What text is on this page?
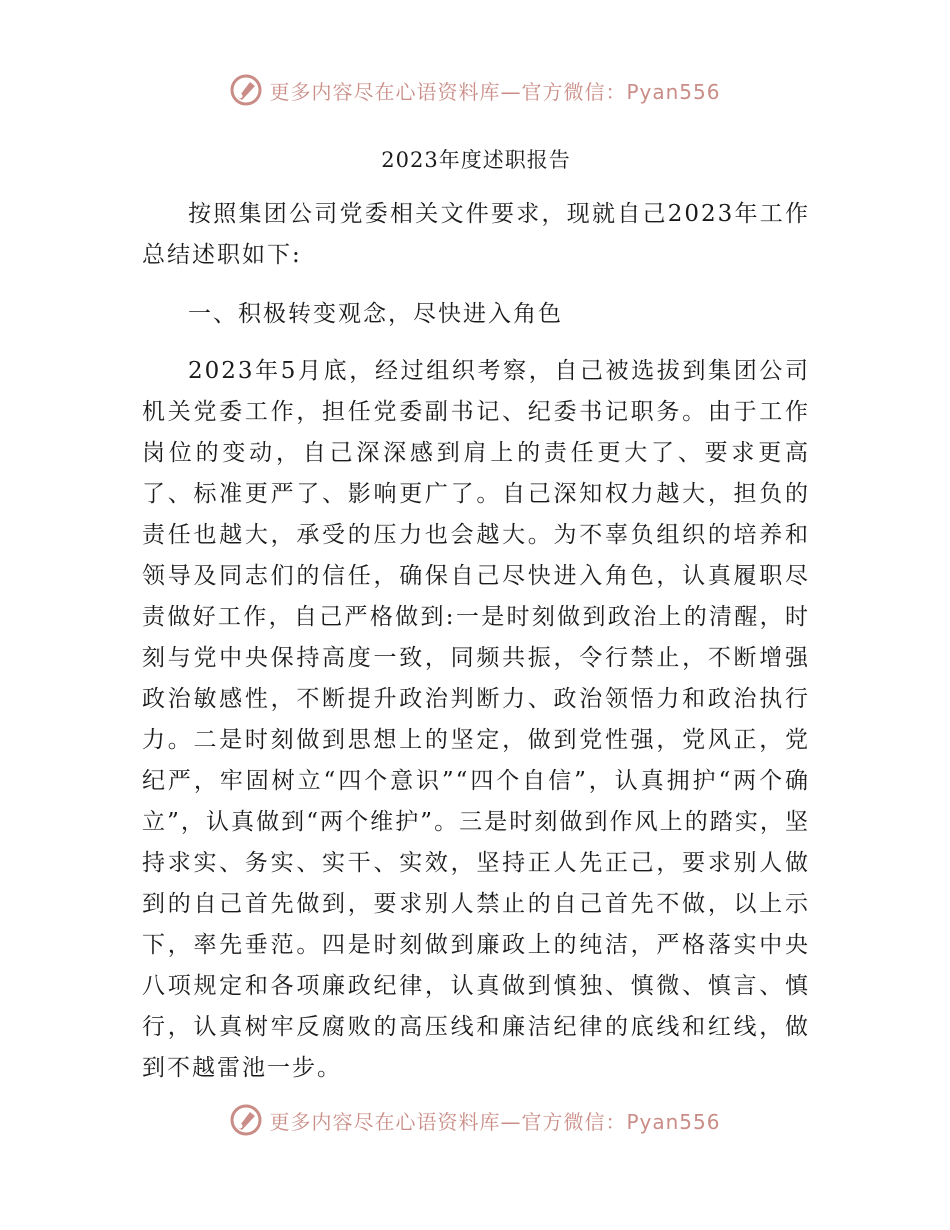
更多内容尽在心语资料库—官方微信：Pyan556
2023年度述职报告

按照集团公司党委相关文件要求，现就自己2023年工作总结述职如下:

一、积极转变观念，尽快进入角色

2023年5月底，经过组织考察，自己被选拔到集团公司机关党委工作，担任党委副书记、纪委书记职务。由于工作岗位的变动，自己深深感到肩上的责任更大了、要求更高了、标准更严了、影响更广了。自己深知权力越大，担负的责任也越大，承受的压力也会越大。为不辜负组织的培养和领导及同志们的信任，确保自己尽快进入角色，认真履职尽责做好工作，自己严格做到:一是时刻做到政治上的清醒，时刻与党中央保持高度一致，同频共振，令行禁止，不断增强政治敏感性，不断提升政治判断力、政治领悟力和政治执行力。二是时刻做到思想上的坚定，做到党性强，党风正，党纪严，牢固树立“四个意识”“四个自信”，认真拥护“两个确立”，认真做到“两个维护”。三是时刻做到作风上的踏实，坚持求实、务实、实干、实效，坚持正人先正己，要求别人做到的自己首先做到，要求别人禁止的自己首先不做，以上示下，率先垂范。四是时刻做到廉政上的纯洁，严格落实中央八项规定和各项廉政纪律，认真做到慎独、慎微、慎言、慎行，认真树牢反腐败的高压线和廉洁纪律的底线和红线，做到不越雷池一步。

更多内容尽在心语资料库—官方微信：Pyan556
